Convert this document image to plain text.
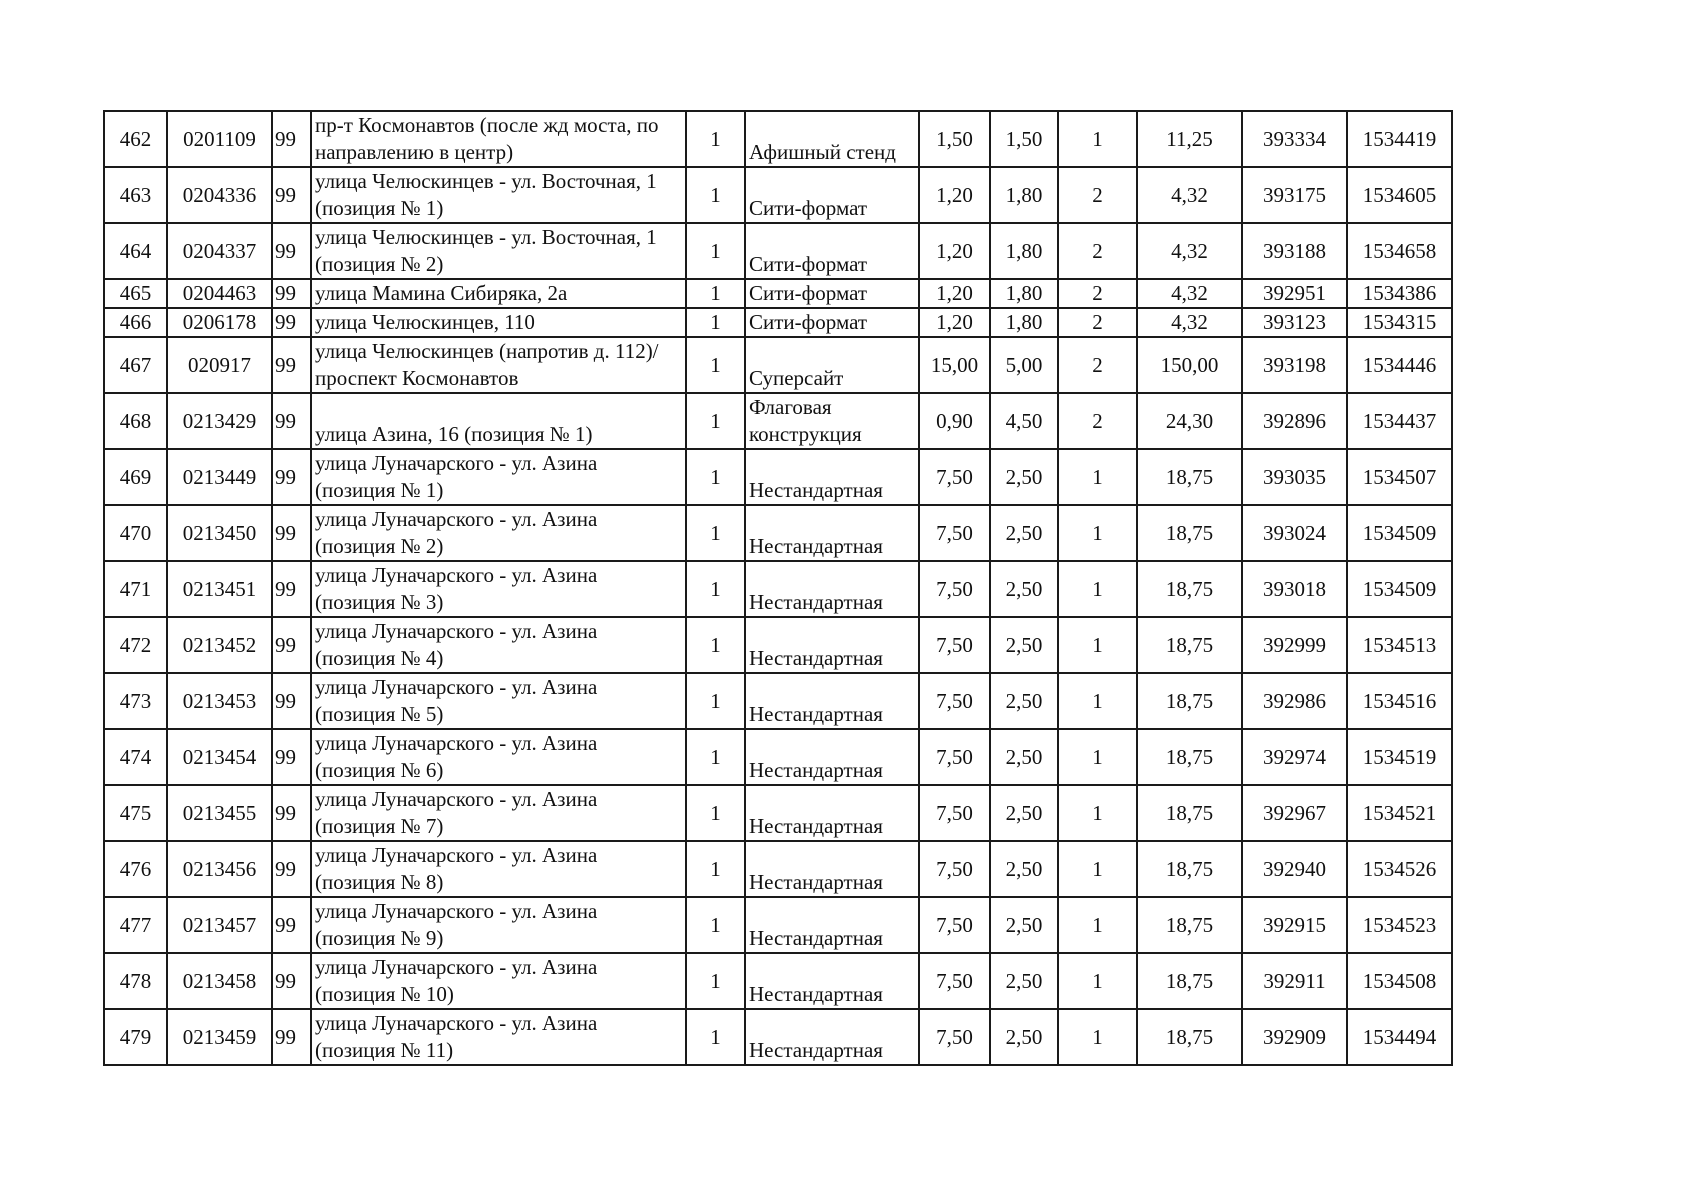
462	0201109	99	пр-т Космонавтов (после жд моста, по направлению в центр)	1	Афишный стенд	1,50	1,50	1	11,25	393334	1534419
463	0204336	99	улица Челюскинцев - ул. Восточная, 1 (позиция № 1)	1	Сити-формат	1,20	1,80	2	4,32	393175	1534605
464	0204337	99	улица Челюскинцев - ул. Восточная, 1 (позиция № 2)	1	Сити-формат	1,20	1,80	2	4,32	393188	1534658
465	0204463	99	улица Мамина Сибиряка, 2а	1	Сити-формат	1,20	1,80	2	4,32	392951	1534386
466	0206178	99	улица Челюскинцев, 110	1	Сити-формат	1,20	1,80	2	4,32	393123	1534315
467	020917	99	улица Челюскинцев (напротив д. 112)/проспект Космонавтов	1	Суперсайт	15,00	5,00	2	150,00	393198	1534446
468	0213429	99	улица Азина, 16 (позиция № 1)	1	Флаговая конструкция	0,90	4,50	2	24,30	392896	1534437
469	0213449	99	улица Луначарского - ул. Азина (позиция № 1)	1	Нестандартная	7,50	2,50	1	18,75	393035	1534507
470	0213450	99	улица Луначарского - ул. Азина (позиция № 2)	1	Нестандартная	7,50	2,50	1	18,75	393024	1534509
471	0213451	99	улица Луначарского - ул. Азина (позиция № 3)	1	Нестандартная	7,50	2,50	1	18,75	393018	1534509
472	0213452	99	улица Луначарского - ул. Азина (позиция № 4)	1	Нестандартная	7,50	2,50	1	18,75	392999	1534513
473	0213453	99	улица Луначарского - ул. Азина (позиция № 5)	1	Нестандартная	7,50	2,50	1	18,75	392986	1534516
474	0213454	99	улица Луначарского - ул. Азина (позиция № 6)	1	Нестандартная	7,50	2,50	1	18,75	392974	1534519
475	0213455	99	улица Луначарского - ул. Азина (позиция № 7)	1	Нестандартная	7,50	2,50	1	18,75	392967	1534521
476	0213456	99	улица Луначарского - ул. Азина (позиция № 8)	1	Нестандартная	7,50	2,50	1	18,75	392940	1534526
477	0213457	99	улица Луначарского - ул. Азина (позиция № 9)	1	Нестандартная	7,50	2,50	1	18,75	392915	1534523
478	0213458	99	улица Луначарского - ул. Азина (позиция № 10)	1	Нестандартная	7,50	2,50	1	18,75	392911	1534508
479	0213459	99	улица Луначарского - ул. Азина (позиция № 11)	1	Нестандартная	7,50	2,50	1	18,75	392909	1534494
